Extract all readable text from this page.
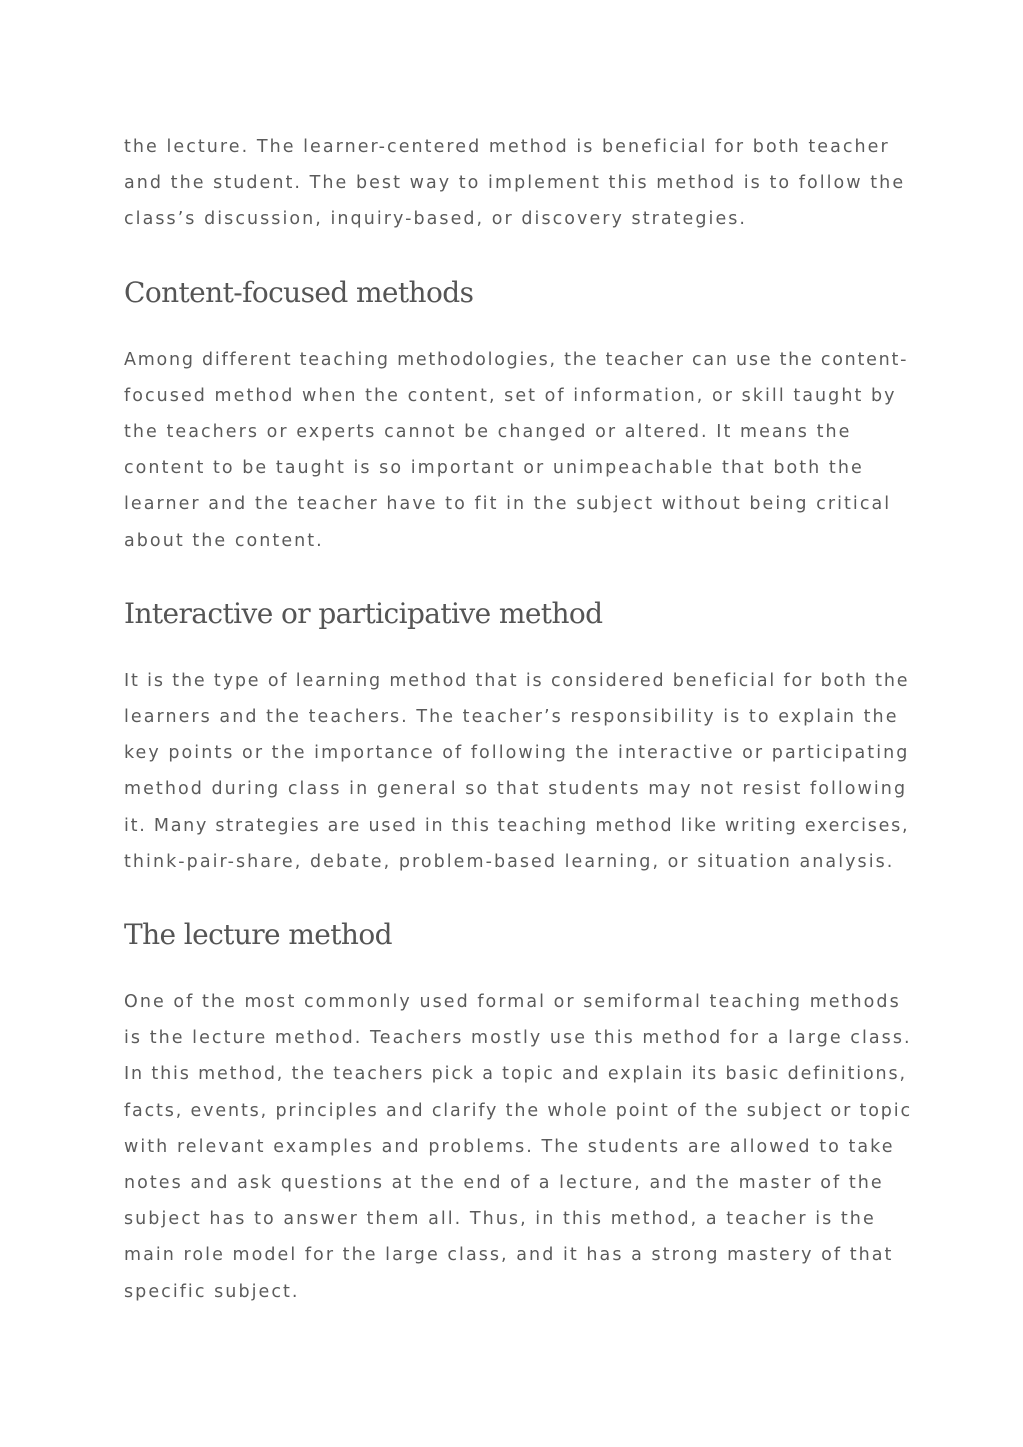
the lecture. The learner-centered method is beneficial for both teacher
and the student. The best way to implement this method is to follow the
class’s discussion, inquiry-based, or discovery strategies.

Content-focused methods

Among different teaching methodologies, the teacher can use the content-
focused method when the content, set of information, or skill taught by
the teachers or experts cannot be changed or altered. It means the
content to be taught is so important or unimpeachable that both the
learner and the teacher have to fit in the subject without being critical
about the content.

Interactive or participative method

It is the type of learning method that is considered beneficial for both the
learners and the teachers. The teacher’s responsibility is to explain the
key points or the importance of following the interactive or participating
method during class in general so that students may not resist following
it. Many strategies are used in this teaching method like writing exercises,
think-pair-share, debate, problem-based learning, or situation analysis.

The lecture method

One of the most commonly used formal or semiformal teaching methods
is the lecture method. Teachers mostly use this method for a large class.
In this method, the teachers pick a topic and explain its basic definitions,
facts, events, principles and clarify the whole point of the subject or topic
with relevant examples and problems. The students are allowed to take
notes and ask questions at the end of a lecture, and the master of the
subject has to answer them all. Thus, in this method, a teacher is the
main role model for the large class, and it has a strong mastery of that
specific subject.
